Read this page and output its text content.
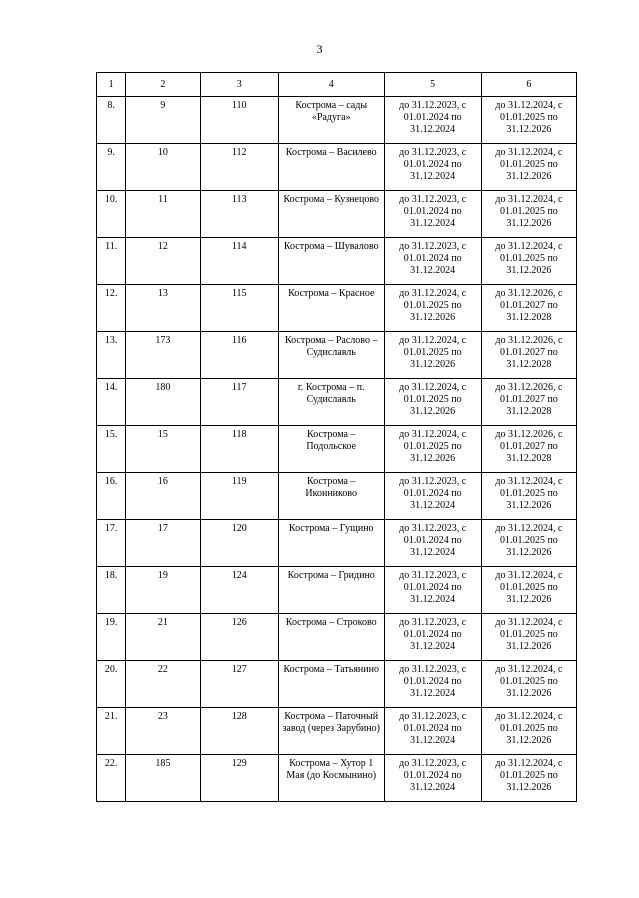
3
1	2	3	4	5	6
8.	9	110	Кострома – сады «Радуга»	до 31.12.2023, с 01.01.2024 по 31.12.2024	до 31.12.2024, с 01.01.2025 по 31.12.2026
9.	10	112	Кострома – Василево	до 31.12.2023, с 01.01.2024 по 31.12.2024	до 31.12.2024, с 01.01.2025 по 31.12.2026
10.	11	113	Кострома – Кузнецово	до 31.12.2023, с 01.01.2024 по 31.12.2024	до 31.12.2024, с 01.01.2025 по 31.12.2026
11.	12	114	Кострома – Шувалово	до 31.12.2023, с 01.01.2024 по 31.12.2024	до 31.12.2024, с 01.01.2025 по 31.12.2026
12.	13	115	Кострома – Красное	до 31.12.2024, с 01.01.2025 по 31.12.2026	до 31.12.2026, с 01.01.2027 по 31.12.2028
13.	173	116	Кострома – Раслово – Судиславль	до 31.12.2024, с 01.01.2025 по 31.12.2026	до 31.12.2026, с 01.01.2027 по 31.12.2028
14.	180	117	г. Кострома – п. Судиславль	до 31.12.2024, с 01.01.2025 по 31.12.2026	до 31.12.2026, с 01.01.2027 по 31.12.2028
15.	15	118	Кострома – Подольское	до 31.12.2024, с 01.01.2025 по 31.12.2026	до 31.12.2026, с 01.01.2027 по 31.12.2028
16.	16	119	Кострома – Иконниково	до 31.12.2023, с 01.01.2024 по 31.12.2024	до 31.12.2024, с 01.01.2025 по 31.12.2026
17.	17	120	Кострома – Гущино	до 31.12.2023, с 01.01.2024 по 31.12.2024	до 31.12.2024, с 01.01.2025 по 31.12.2026
18.	19	124	Кострома – Гридино	до 31.12.2023, с 01.01.2024 по 31.12.2024	до 31.12.2024, с 01.01.2025 по 31.12.2026
19.	21	126	Кострома – Строково	до 31.12.2023, с 01.01.2024 по 31.12.2024	до 31.12.2024, с 01.01.2025 по 31.12.2026
20.	22	127	Кострома – Татьянино	до 31.12.2023, с 01.01.2024 по 31.12.2024	до 31.12.2024, с 01.01.2025 по 31.12.2026
21.	23	128	Кострома – Паточный завод (через Зарубино)	до 31.12.2023, с 01.01.2024 по 31.12.2024	до 31.12.2024, с 01.01.2025 по 31.12.2026
22.	185	129	Кострома – Хутор 1 Мая (до Космынино)	до 31.12.2023, с 01.01.2024 по 31.12.2024	до 31.12.2024, с 01.01.2025 по 31.12.2026
